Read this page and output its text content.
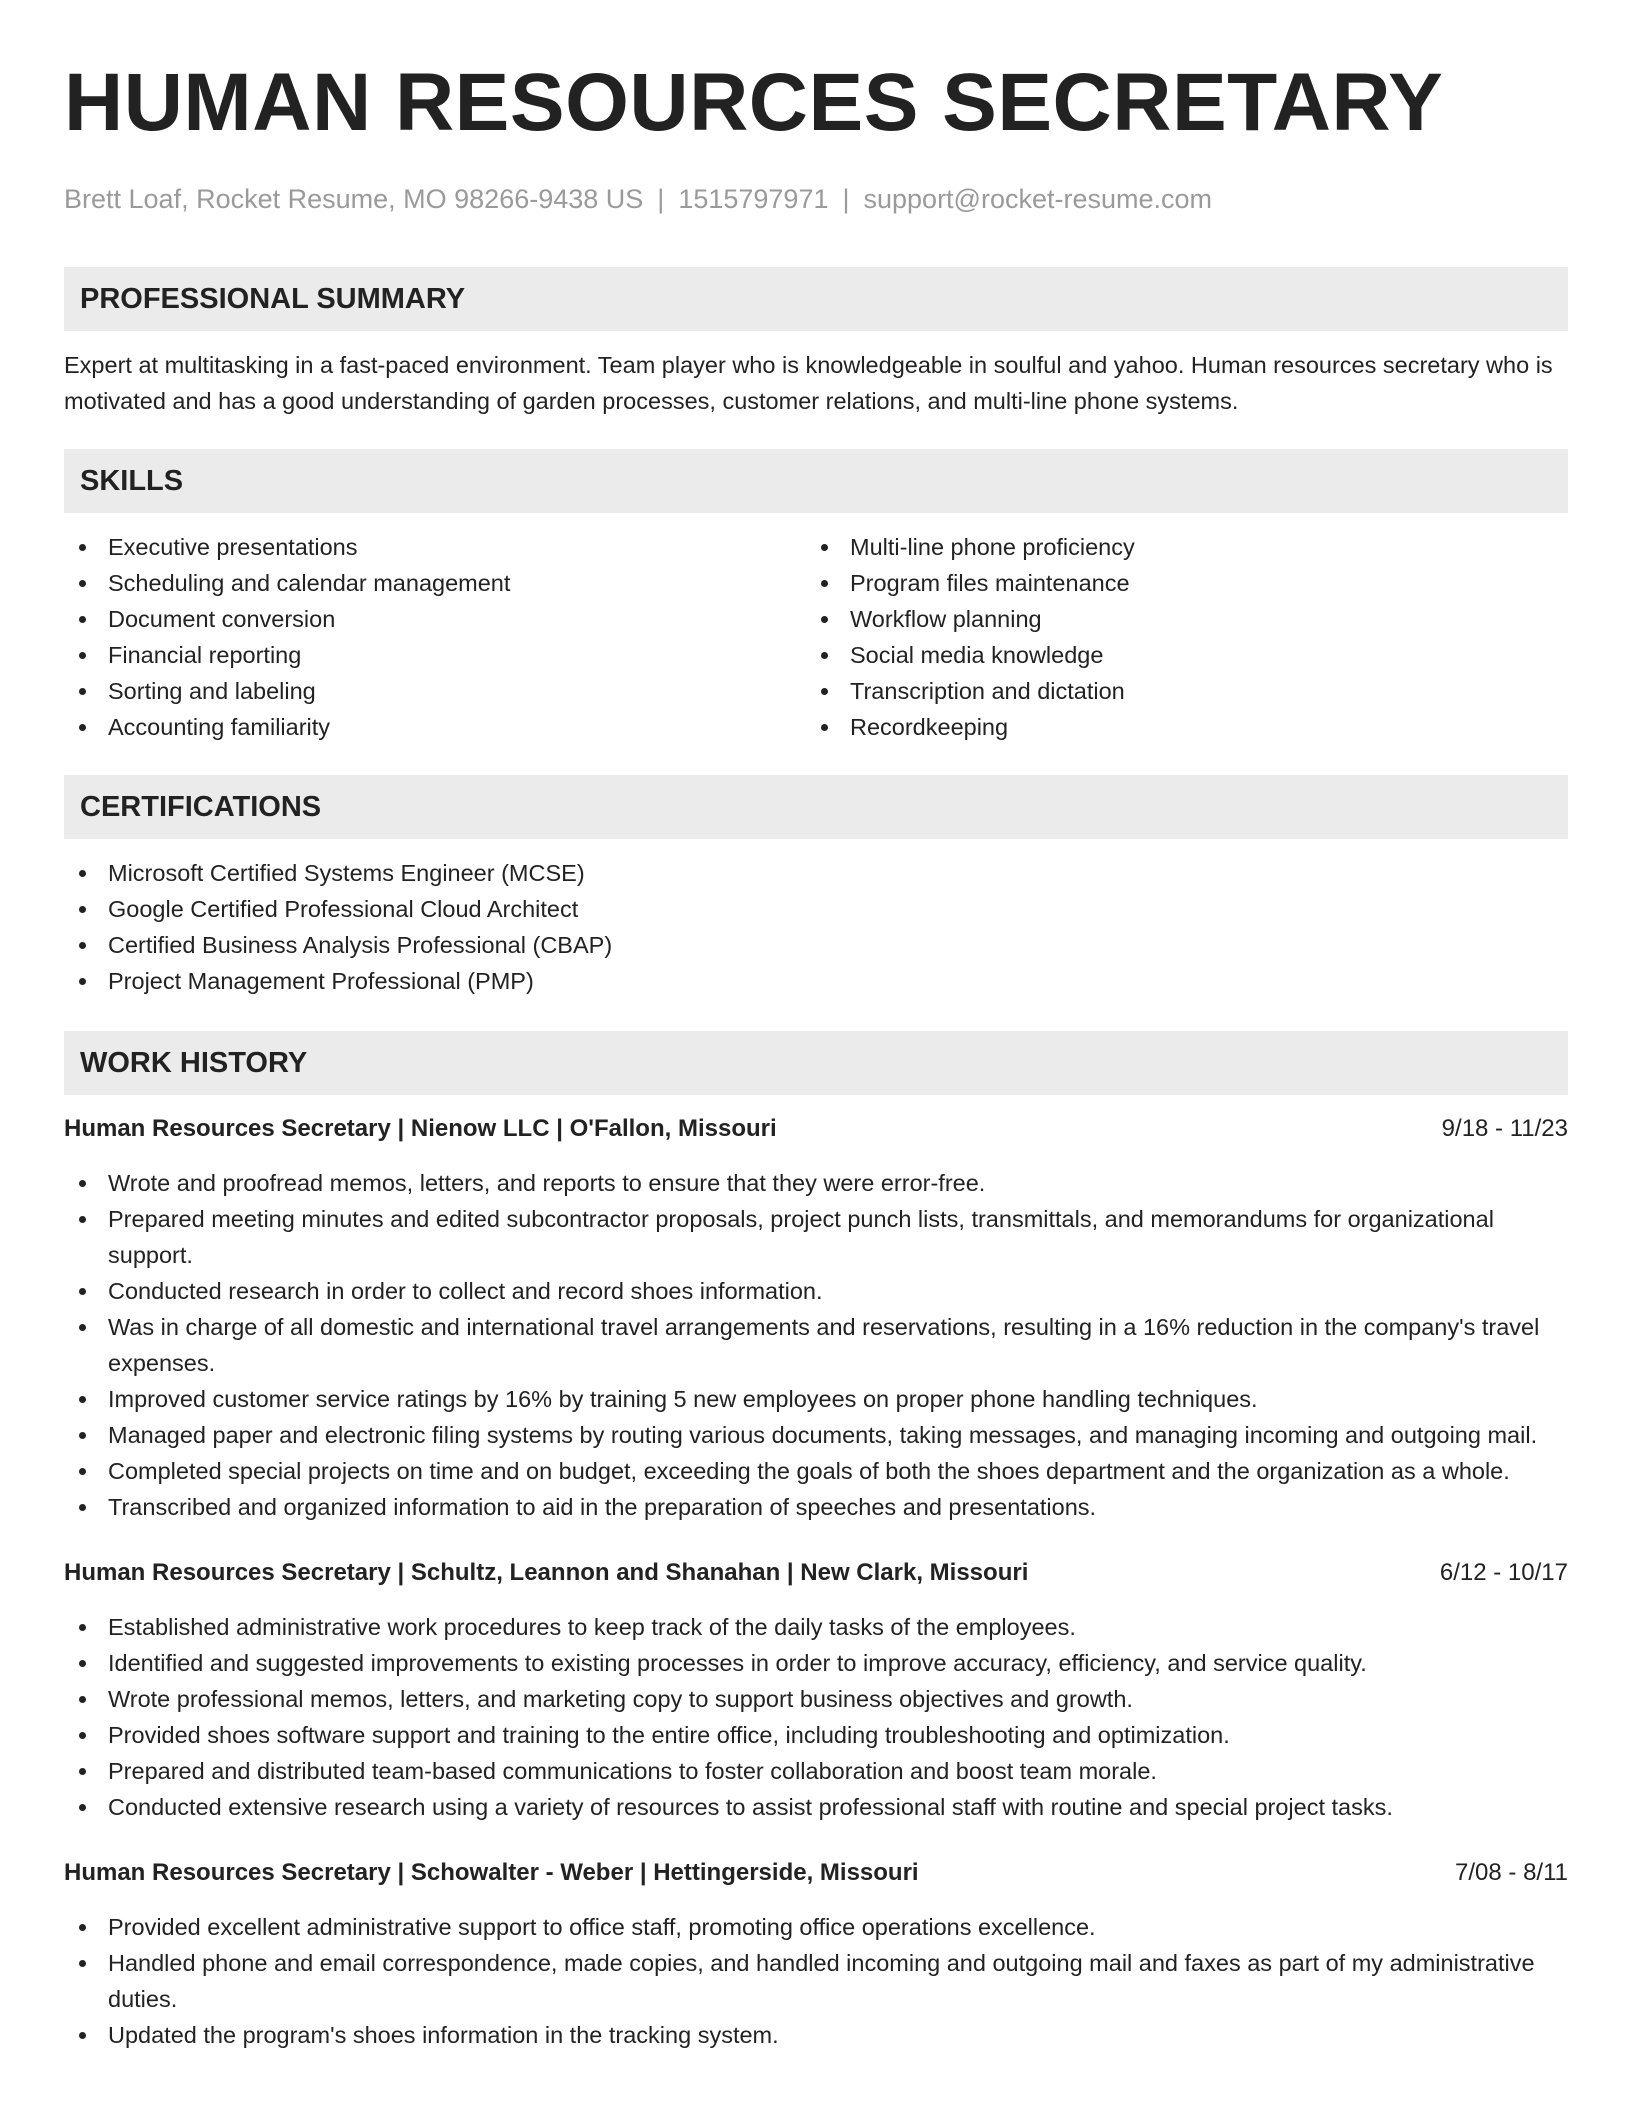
HUMAN RESOURCES SECRETARY
Brett Loaf, Rocket Resume, MO 98266-9438 US | 1515797971 | support@rocket-resume.com
PROFESSIONAL SUMMARY

Expert at multitasking in a fast-paced environment. Team player who is knowledgeable in soulful and yahoo. Human resources secretary who is motivated and has a good understanding of garden processes, customer relations, and multi-line phone systems.

SKILLS
Executive presentations
Scheduling and calendar management
Document conversion
Financial reporting
Sorting and labeling
Accounting familiarity
Multi-line phone proficiency
Program files maintenance
Workflow planning
Social media knowledge
Transcription and dictation
Recordkeeping
CERTIFICATIONS
Microsoft Certified Systems Engineer (MCSE)
Google Certified Professional Cloud Architect
Certified Business Analysis Professional (CBAP)
Project Management Professional (PMP)
WORK HISTORY
Human Resources Secretary | Nienow LLC | O'Fallon, Missouri	9/18 - 11/23
Wrote and proofread memos, letters, and reports to ensure that they were error-free.
Prepared meeting minutes and edited subcontractor proposals, project punch lists, transmittals, and memorandums for organizational support.
Conducted research in order to collect and record shoes information.
Was in charge of all domestic and international travel arrangements and reservations, resulting in a 16% reduction in the company's travel expenses.
Improved customer service ratings by 16% by training 5 new employees on proper phone handling techniques.
Managed paper and electronic filing systems by routing various documents, taking messages, and managing incoming and outgoing mail.
Completed special projects on time and on budget, exceeding the goals of both the shoes department and the organization as a whole.
Transcribed and organized information to aid in the preparation of speeches and presentations.
Human Resources Secretary | Schultz, Leannon and Shanahan | New Clark, Missouri	6/12 - 10/17
Established administrative work procedures to keep track of the daily tasks of the employees.
Identified and suggested improvements to existing processes in order to improve accuracy, efficiency, and service quality.
Wrote professional memos, letters, and marketing copy to support business objectives and growth.
Provided shoes software support and training to the entire office, including troubleshooting and optimization.
Prepared and distributed team-based communications to foster collaboration and boost team morale.
Conducted extensive research using a variety of resources to assist professional staff with routine and special project tasks.
Human Resources Secretary | Schowalter - Weber | Hettingerside, Missouri	7/08 - 8/11
Provided excellent administrative support to office staff, promoting office operations excellence.
Handled phone and email correspondence, made copies, and handled incoming and outgoing mail and faxes as part of my administrative duties.
Updated the program's shoes information in the tracking system.
